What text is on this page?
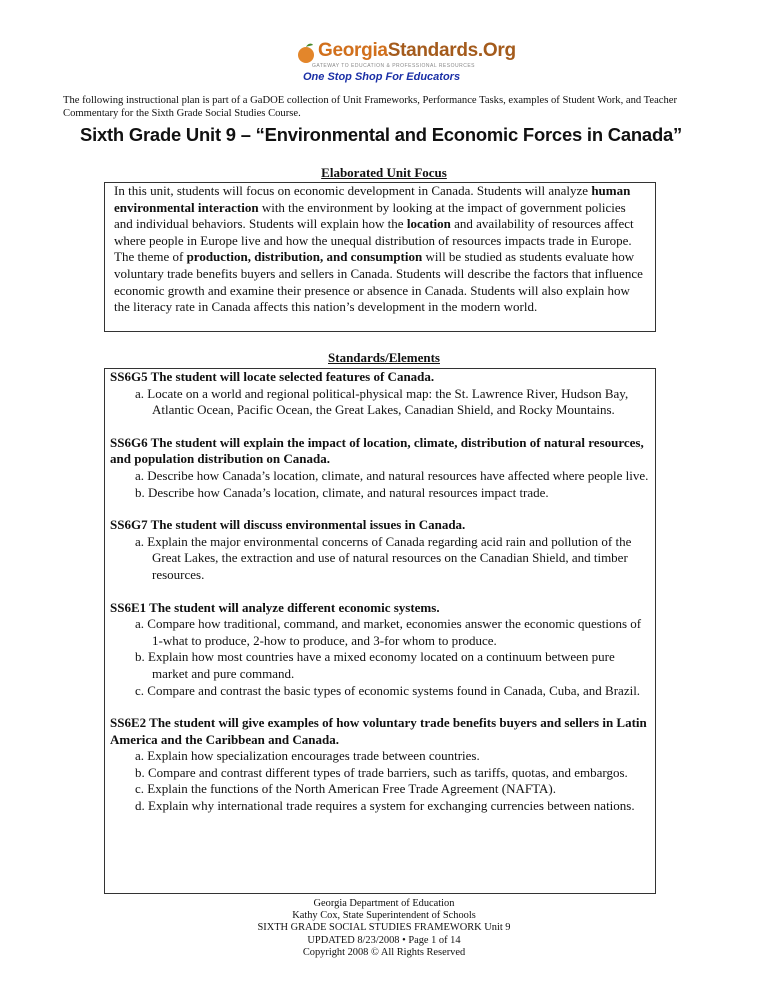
GeorgiaStandards.Org
GATEWAY TO EDUCATION & PROFESSIONAL RESOURCES
One Stop Shop For Educators
The following instructional plan is part of a GaDOE collection of Unit Frameworks, Performance Tasks, examples of Student Work, and Teacher Commentary for the Sixth Grade Social Studies Course.
Sixth Grade Unit 9 – “Environmental and Economic Forces in Canada”
Elaborated Unit Focus

In this unit, students will focus on economic development in Canada. Students will analyze human environmental interaction with the environment by looking at the impact of government policies and individual behaviors. Students will explain how the location and availability of resources affect where people in Europe live and how the unequal distribution of resources impacts trade in Europe. The theme of production, distribution, and consumption will be studied as students evaluate how voluntary trade benefits buyers and sellers in Canada. Students will describe the factors that influence economic growth and examine their presence or absence in Canada. Students will also explain how the literacy rate in Canada affects this nation’s development in the modern world.

Standards/Elements

SS6G5 The student will locate selected features of Canada.

a. Locate on a world and regional political-physical map: the St. Lawrence River, Hudson Bay, Atlantic Ocean, Pacific Ocean, the Great Lakes, Canadian Shield, and Rocky Mountains.

SS6G6 The student will explain the impact of location, climate, distribution of natural resources, and population distribution on Canada.

a. Describe how Canada’s location, climate, and natural resources have affected where people live.

b. Describe how Canada’s location, climate, and natural resources impact trade.

SS6G7 The student will discuss environmental issues in Canada.

a. Explain the major environmental concerns of Canada regarding acid rain and pollution of the Great Lakes, the extraction and use of natural resources on the Canadian Shield, and timber resources.

SS6E1 The student will analyze different economic systems.

a. Compare how traditional, command, and market, economies answer the economic questions of 1-what to produce, 2-how to produce, and 3-for whom to produce.

b. Explain how most countries have a mixed economy located on a continuum between pure market and pure command.

c. Compare and contrast the basic types of economic systems found in Canada, Cuba, and Brazil.

SS6E2 The student will give examples of how voluntary trade benefits buyers and sellers in Latin America and the Caribbean and Canada.

a. Explain how specialization encourages trade between countries.

b. Compare and contrast different types of trade barriers, such as tariffs, quotas, and embargos.

c. Explain the functions of the North American Free Trade Agreement (NAFTA).

d. Explain why international trade requires a system for exchanging currencies between nations.

Georgia Department of Education
Kathy Cox, State Superintendent of Schools
SIXTH GRADE SOCIAL STUDIES FRAMEWORK Unit 9
UPDATED 8/23/2008 • Page 1 of 14
Copyright 2008 © All Rights Reserved
